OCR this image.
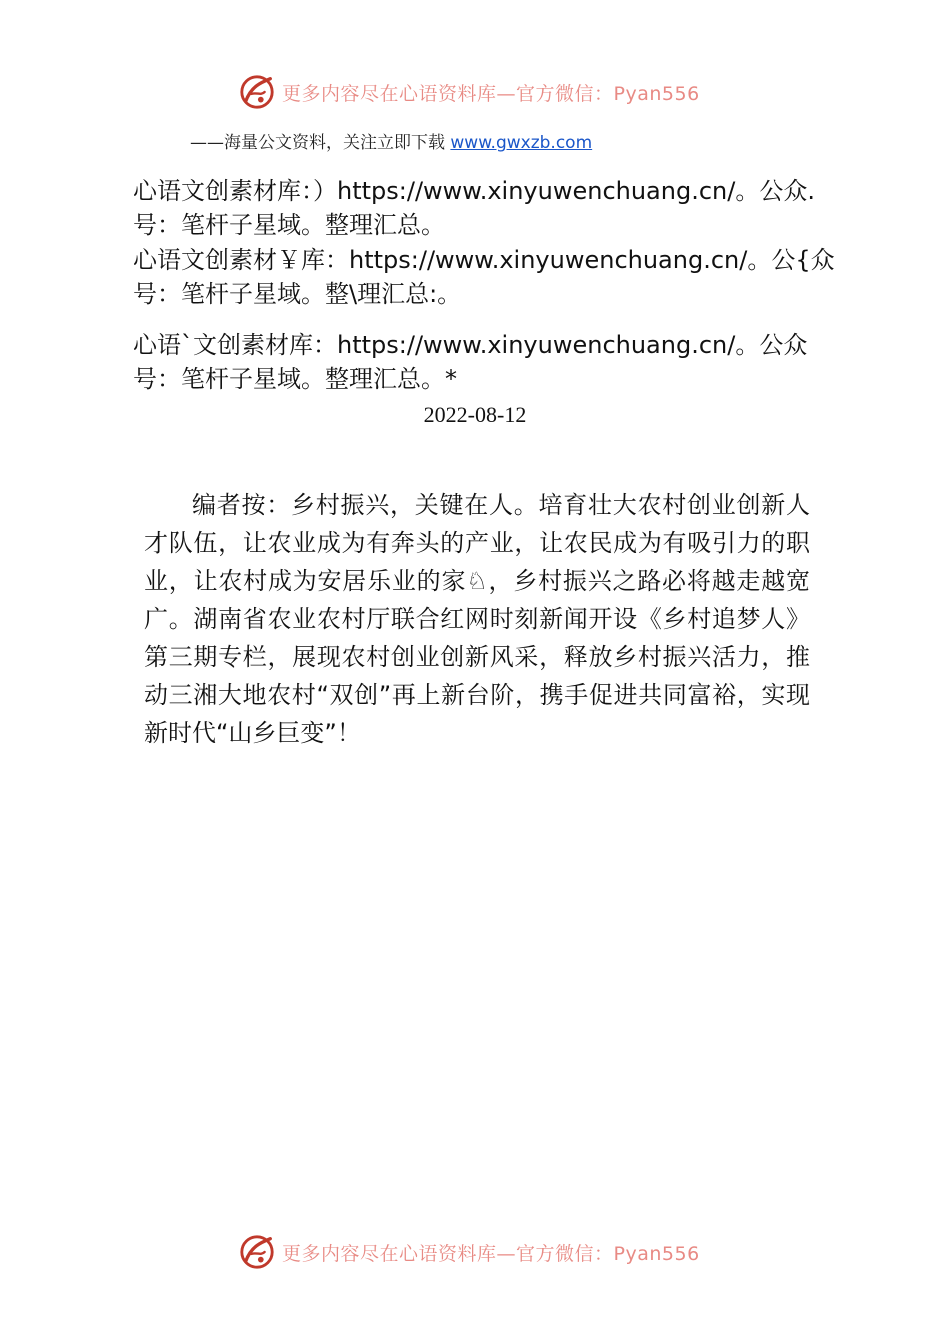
更多内容尽在心语资料库—官方微信：Pyan556
——海量公文资料，关注立即下载 www.gwxzb.com
心语文创素材库：）https://www.xinyuwenchuang.cn/。公众.号：笔杆子星域。整理汇总。
心语文创素材￥库：https://www.xinyuwenchuang.cn/。公{众号：笔杆子星域。整\理汇总:。
心语`文创素材库：https://www.xinyuwenchuang.cn/。公众号：笔杆子星域。整理汇总。*
2022-08-12
编者按：乡村振兴，关键在人。培育壮大农村创业创新人才队伍，让农业成为有奔头的产业，让农民成为有吸引力的职业，让农村成为安居乐业的家♘，乡村振兴之路必将越走越宽广。湖南省农业农村厅联合红网时刻新闻开设《乡村追梦人》第三期专栏，展现农村创业创新风采，释放乡村振兴活力，推动三湘大地农村“双创”再上新台阶，携手促进共同富裕，实现新时代“山乡巨变”！
更多内容尽在心语资料库—官方微信：Pyan556
